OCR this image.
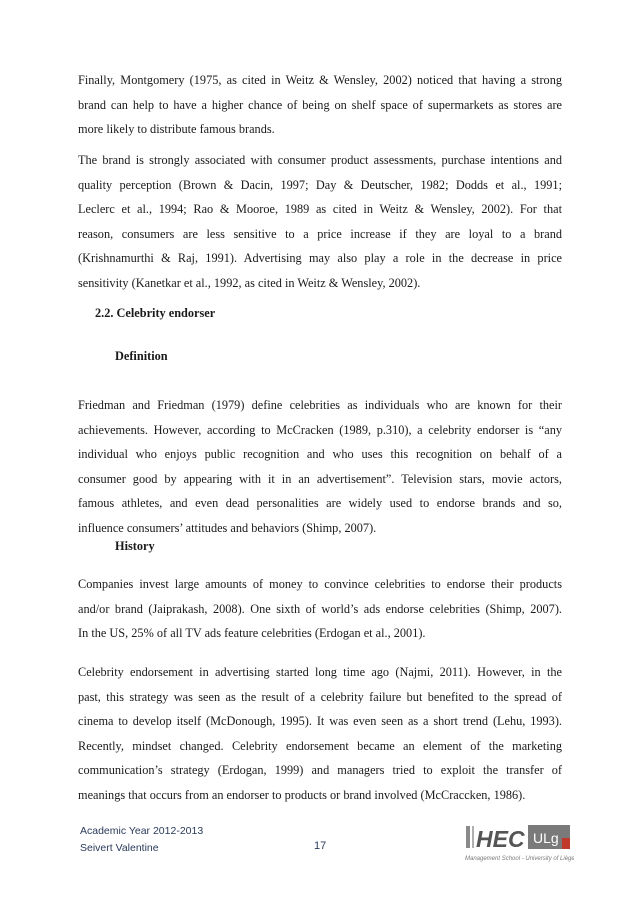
Finally, Montgomery (1975, as cited in Weitz & Wensley, 2002) noticed that having a strong
brand can help to have a higher chance of being on shelf space of supermarkets as stores are
more likely to distribute famous brands.

The brand is strongly associated with consumer product assessments, purchase intentions and
quality perception (Brown & Dacin, 1997; Day & Deutscher, 1982; Dodds et al., 1991;
Leclerc et al., 1994; Rao & Mooroe, 1989 as cited in Weitz & Wensley, 2002). For that
reason, consumers are less sensitive to a price increase if they are loyal to a brand
(Krishnamurthi & Raj, 1991). Advertising may also play a role in the decrease in price
sensitivity (Kanetkar et al., 1992, as cited in Weitz & Wensley, 2002).

2.2. Celebrity endorser
Definition

Friedman and Friedman (1979) define celebrities as individuals who are known for their
achievements. However, according to McCracken (1989, p.310), a celebrity endorser is “any
individual who enjoys public recognition and who uses this recognition on behalf of a
consumer good by appearing with it in an advertisement”. Television stars, movie actors,
famous athletes, and even dead personalities are widely used to endorse brands and so,
influence consumers’ attitudes and behaviors (Shimp, 2007).

History

Companies invest large amounts of money to convince celebrities to endorse their products
and/or brand (Jaiprakash, 2008). One sixth of world’s ads endorse celebrities (Shimp, 2007).
In the US, 25% of all TV ads feature celebrities (Erdogan et al., 2001).

Celebrity endorsement in advertising started long time ago (Najmi, 2011). However, in the
past, this strategy was seen as the result of a celebrity failure but benefited to the spread of
cinema to develop itself (McDonough, 1995). It was even seen as a short trend (Lehu, 1993).
Recently, mindset changed. Celebrity endorsement became an element of the marketing
communication’s strategy (Erdogan, 1999) and managers tried to exploit the transfer of
meanings that occurs from an endorser to products or brand involved (McCraccken, 1986).

Academic Year 2012-2013
Seivert Valentine	17	HEC ULg
Management School - University of Liège
